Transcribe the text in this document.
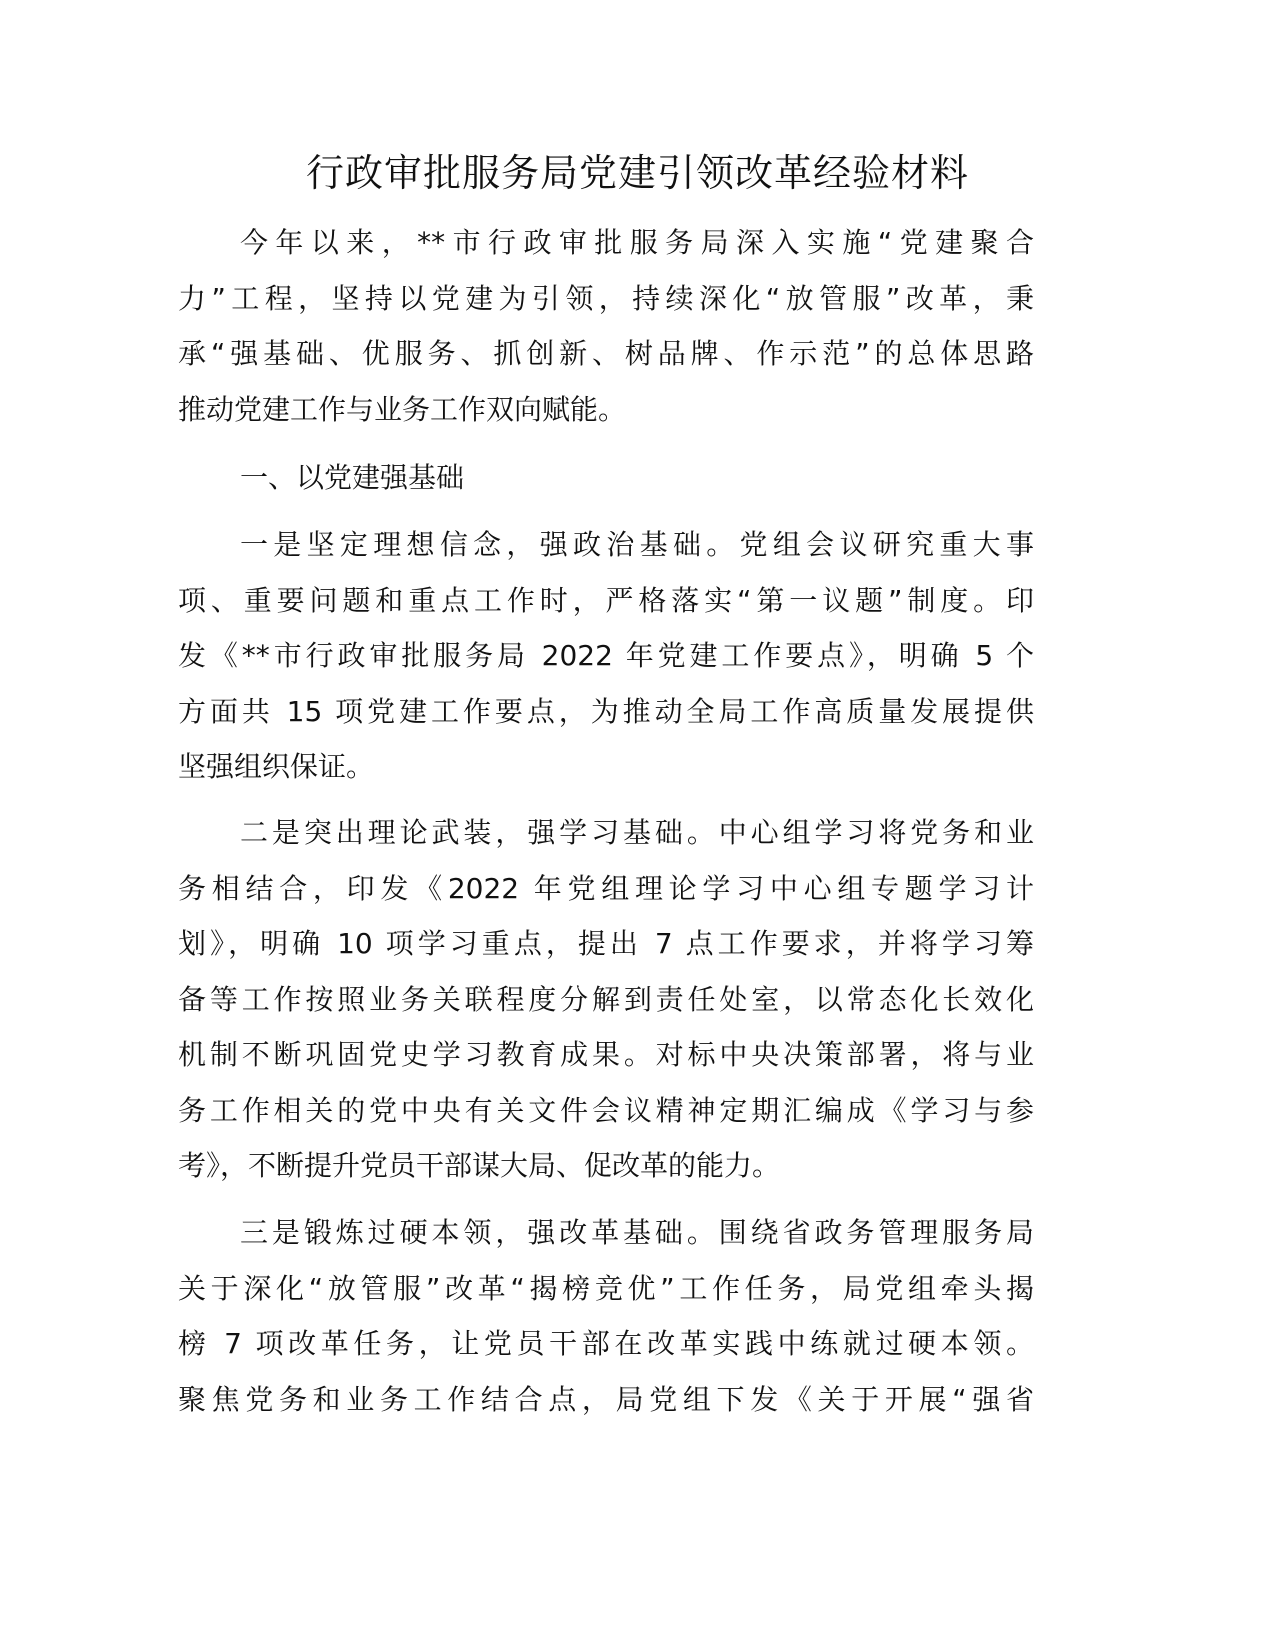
行政审批服务局党建引领改革经验材料
今年以来，**市行政审批服务局深入实施“党建聚合
力”工程，坚持以党建为引领，持续深化“放管服”改革，秉
承“强基础、优服务、抓创新、树品牌、作示范”的总体思路
推动党建工作与业务工作双向赋能。
一、以党建强基础
一是坚定理想信念，强政治基础。党组会议研究重大事
项、重要问题和重点工作时，严格落实“第一议题”制度。印
发《**市行政审批服务局 2022 年党建工作要点》，明确 5 个
方面共 15 项党建工作要点，为推动全局工作高质量发展提供
坚强组织保证。
二是突出理论武装，强学习基础。中心组学习将党务和业
务相结合，印发《2022 年党组理论学习中心组专题学习计
划》，明确 10 项学习重点，提出 7 点工作要求，并将学习筹
备等工作按照业务关联程度分解到责任处室，以常态化长效化
机制不断巩固党史学习教育成果。对标中央决策部署，将与业
务工作相关的党中央有关文件会议精神定期汇编成《学习与参
考》，不断提升党员干部谋大局、促改革的能力。
三是锻炼过硬本领，强改革基础。围绕省政务管理服务局
关于深化“放管服”改革“揭榜竞优”工作任务，局党组牵头揭
榜 7 项改革任务，让党员干部在改革实践中练就过硬本领。
聚焦党务和业务工作结合点，局党组下发《关于开展“强省
